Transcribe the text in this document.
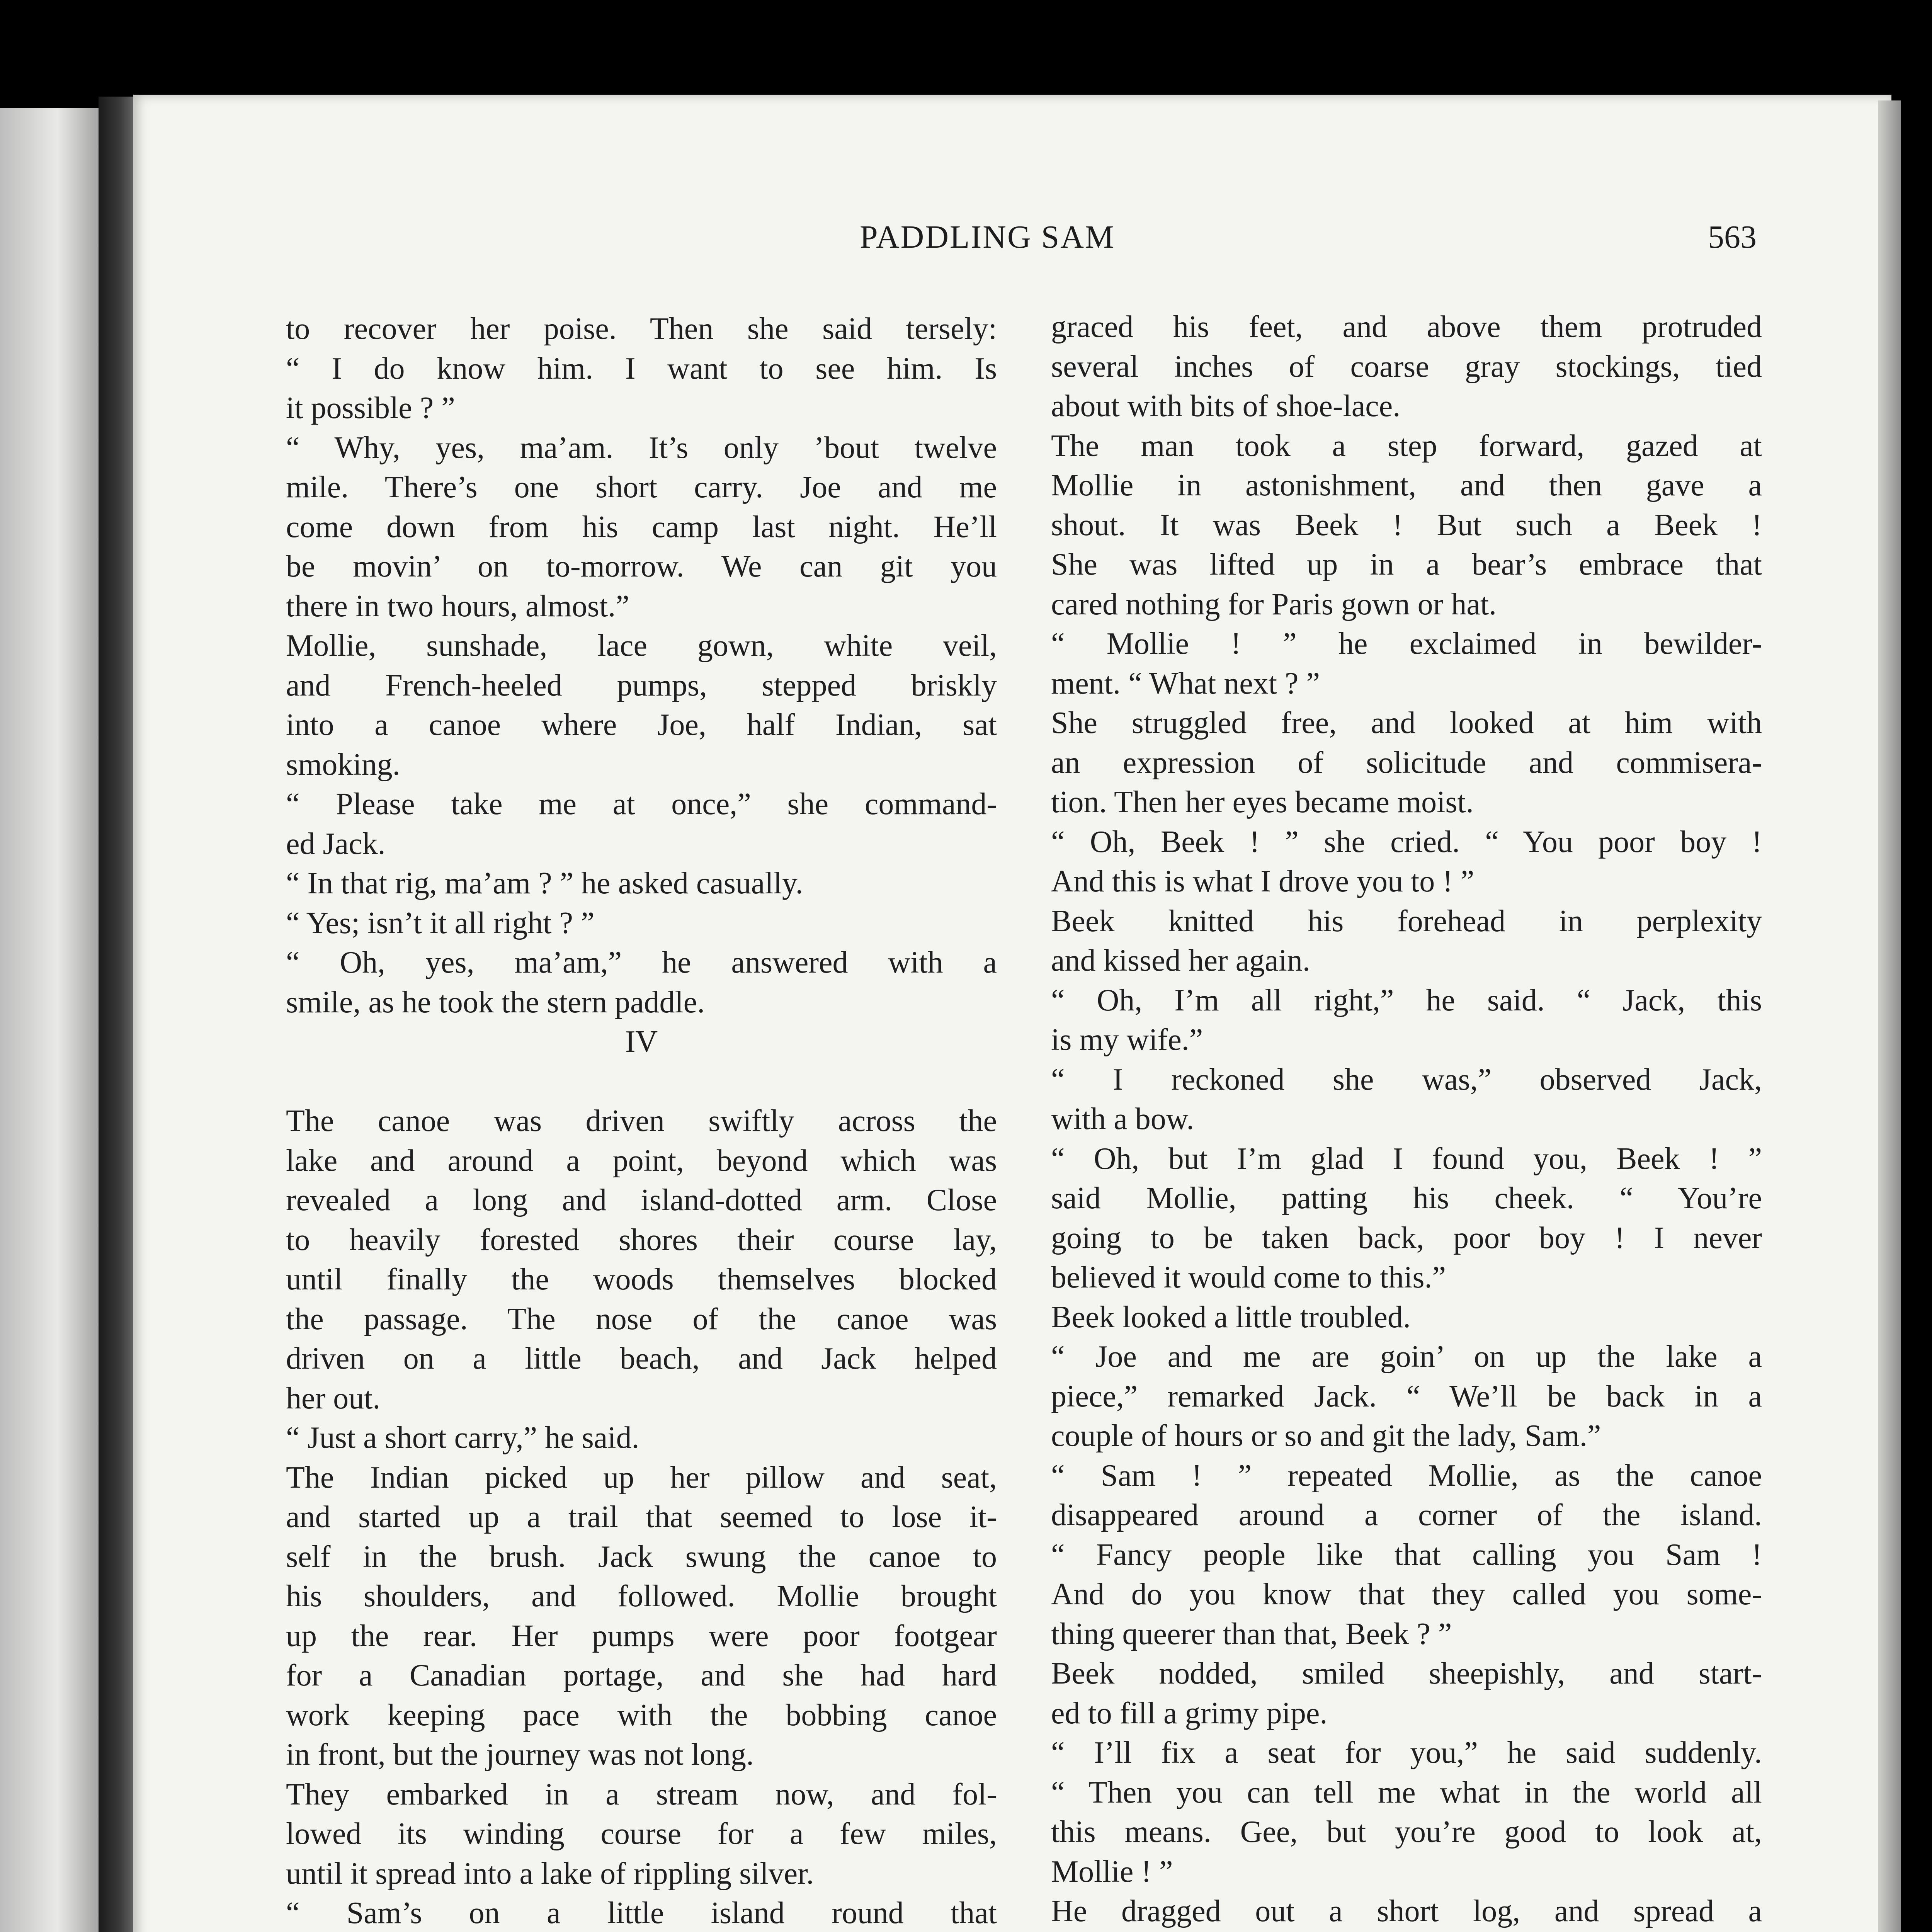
PADDLING SAM	563
to recover her poise. Then she said tersely:
“ I do know him. I want to see him. Is
it possible ? ”
“ Why, yes, ma’am. It’s only ’bout twelve
mile. There’s one short carry. Joe and me
come down from his camp last night. He’ll
be movin’ on to-morrow. We can git you
there in two hours, almost.”
Mollie, sunshade, lace gown, white veil,
and French-heeled pumps, stepped briskly
into a canoe where Joe, half Indian, sat
smoking.
“ Please take me at once,” she command-
ed Jack.
“ In that rig, ma’am ? ” he asked casually.
“ Yes; isn’t it all right ? ”
“ Oh, yes, ma’am,” he answered with a
smile, as he took the stern paddle.
IV
The canoe was driven swiftly across the
lake and around a point, beyond which was
revealed a long and island-dotted arm. Close
to heavily forested shores their course lay,
until finally the woods themselves blocked
the passage. The nose of the canoe was
driven on a little beach, and Jack helped
her out.
“ Just a short carry,” he said.
The Indian picked up her pillow and seat,
and started up a trail that seemed to lose it-
self in the brush. Jack swung the canoe to
his shoulders, and followed. Mollie brought
up the rear. Her pumps were poor footgear
for a Canadian portage, and she had hard
work keeping pace with the bobbing canoe
in front, but the journey was not long.
They embarked in a stream now, and fol-
lowed its winding course for a few miles,
until it spread into a lake of rippling silver.
“ Sam’s on a little island round that
graced his feet, and above them protruded
several inches of coarse gray stockings, tied
about with bits of shoe-lace.
The man took a step forward, gazed at
Mollie in astonishment, and then gave a
shout. It was Beek ! But such a Beek !
She was lifted up in a bear’s embrace that
cared nothing for Paris gown or hat.
“ Mollie ! ” he exclaimed in bewilder-
ment. “ What next ? ”
She struggled free, and looked at him with
an expression of solicitude and commisera-
tion. Then her eyes became moist.
“ Oh, Beek ! ” she cried. “ You poor boy !
And this is what I drove you to ! ”
Beek knitted his forehead in perplexity
and kissed her again.
“ Oh, I’m all right,” he said. “ Jack, this
is my wife.”
“ I reckoned she was,” observed Jack,
with a bow.
“ Oh, but I’m glad I found you, Beek ! ”
said Mollie, patting his cheek. “ You’re
going to be taken back, poor boy ! I never
believed it would come to this.”
Beek looked a little troubled.
“ Joe and me are goin’ on up the lake a
piece,” remarked Jack. “ We’ll be back in a
couple of hours or so and git the lady, Sam.”
“ Sam ! ” repeated Mollie, as the canoe
disappeared around a corner of the island.
“ Fancy people like that calling you Sam !
And do you know that they called you some-
thing queerer than that, Beek ? ”
Beek nodded, smiled sheepishly, and start-
ed to fill a grimy pipe.
“ I’ll fix a seat for you,” he said suddenly.
“ Then you can tell me what in the world all
this means. Gee, but you’re good to look at,
Mollie ! ”
He dragged out a short log, and spread a
